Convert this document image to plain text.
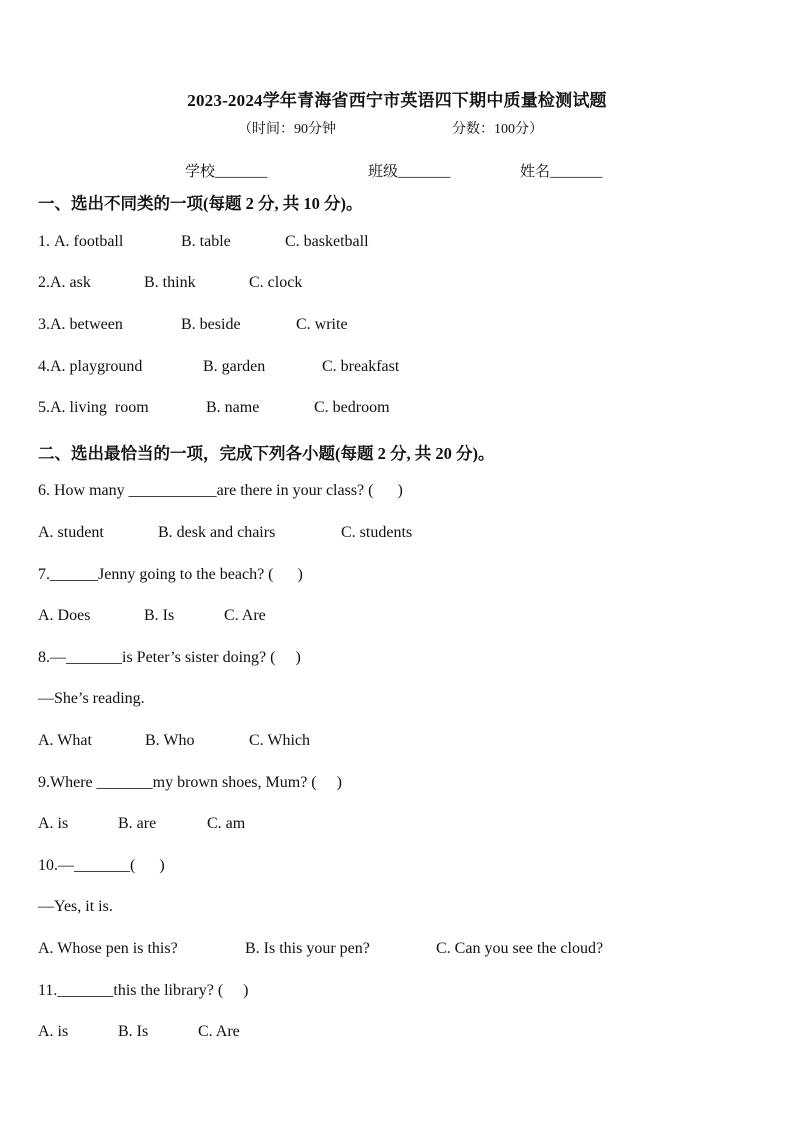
2023-2024学年青海省西宁市英语四下期中质量检测试题
（时间：90分钟	分数：100分）
学校_______	班级_______	姓名_______
一、选出不同类的一项(每题 2 分, 共 10 分)。
1. A. football	B. table	C. basketball
2.A. ask	B. think	C. clock
3.A. between	B. beside	C. write
4.A. playground	B. garden	C. breakfast
5.A. living  room	B. name	C. bedroom
二、选出最恰当的一项，完成下列各小题(每题 2 分, 共 20 分)。
6. How many ___________are there in your class? (      )
A. student	B. desk and chairs	C. students
7.______Jenny going to the beach? (      )
A. Does	B. Is	C. Are
8.—_______is Peter’s sister doing? (     )
—She’s reading.
A. What	B. Who	C. Which
9.Where _______my brown shoes, Mum? (     )
A. is	B. are	C. am
10.—_______(      )
—Yes, it is.
A. Whose pen is this?	B. Is this your pen?	C. Can you see the cloud?
11._______this the library? (     )
A. is	B. Is	C. Are
